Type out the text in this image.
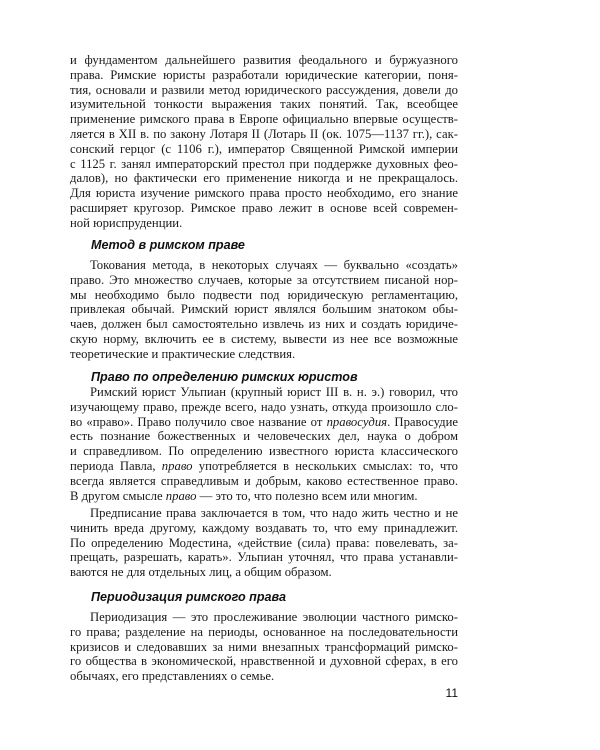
и фундаментом дальнейшего развития феодального и буржуазного
права. Римские юристы разработали юридические категории, поня-
тия, основали и развили метод юридического рассуждения, довели до
изумительной тонкости выражения таких понятий. Так, всеобщее
применение римского права в Европе официально впервые осуществ-
ляется в XII в. по закону Лотаря II (Лотарь II (ок. 1075—1137 гг.), сак-
сонский герцог (с 1106 г.), император Священной Римской империи
с 1125 г. занял императорский престол при поддержке духовных фео-
далов), но фактически его применение никогда и не прекращалось.
Для юриста изучение римского права просто необходимо, его знание
расширяет кругозор. Римское право лежит в основе всей современ-
ной юриспруденции.
Метод в римском праве
Токования метода, в некоторых случаях — буквально «создать»
право. Это множество случаев, которые за отсутствием писаной нор-
мы необходимо было подвести под юридическую регламентацию,
привлекая обычай. Римский юрист являлся большим знатоком обы-
чаев, должен был самостоятельно извлечь из них и создать юридиче-
скую норму, включить ее в систему, вывести из нее все возможные
теоретические и практические следствия.
Право по определению римских юристов
Римский юрист Ульпиан (крупный юрист III в. н. э.) говорил, что
изучающему право, прежде всего, надо узнать, откуда произошло сло-
во «право». Право получило свое название от правосудия. Правосудие
есть познание божественных и человеческих дел, наука о добром
и справедливом. По определению известного юриста классического
периода Павла, право употребляется в нескольких смыслах: то, что
всегда является справедливым и добрым, каково естественное право.
В другом смысле право — это то, что полезно всем или многим.
Предписание права заключается в том, что надо жить честно и не
чинить вреда другому, каждому воздавать то, что ему принадлежит.
По определению Модестина, «действие (сила) права: повелевать, за-
прещать, разрешать, карать». Ульпиан уточнял, что права устанавли-
ваются не для отдельных лиц, а общим образом.
Периодизация римского права
Периодизация — это прослеживание эволюции частного римско-
го права; разделение на периоды, основанное на последовательности
кризисов и следовавших за ними внезапных трансформаций римско-
го общества в экономической, нравственной и духовной сферах, в его
обычаях, его представлениях о семье.
11
